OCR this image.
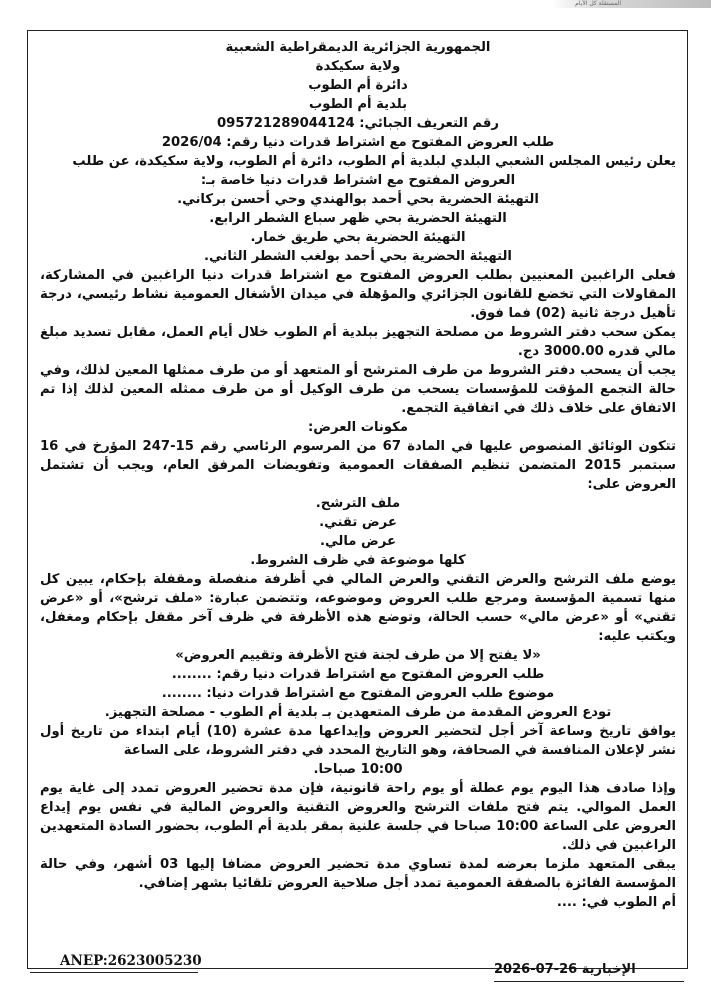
المستقلة كل الأيام
الجمهورية الجزائرية الديمقراطية الشعبية
ولاية سكيكدة
دائرة أم الطوب
بلدية أم الطوب
رقم التعريف الجبائي: 095721289044124
طلب العروض المفتوح مع اشتراط قدرات دنيا رقم: 2026/04
يعلن رئيس المجلس الشعبي البلدي لبلدية أم الطوب، دائرة أم الطوب، ولاية سكيكدة، عن طلب
العروض المفتوح مع اشتراط قدرات دنيا خاصة بـ:
التهيئة الحضرية بحي أحمد بوالهندي وحي أحسن بركاني.
التهيئة الحضرية بحي ظهر سباع الشطر الرابع.
التهيئة الحضرية بحي طريق خمار.
التهيئة الحضرية بحي أحمد بولغب الشطر الثاني.
فعلى الراغبين المعنيين بطلب العروض المفتوح مع اشتراط قدرات دنيا الراغبين في المشاركة، المقاولات التي تخضع للقانون الجزائري والمؤهلة في ميدان الأشغال العمومية نشاط رئيسي، درجة تأهيل درجة ثانية (02) فما فوق.
يمكن سحب دفتر الشروط من مصلحة التجهيز ببلدية أم الطوب خلال أيام العمل، مقابل تسديد مبلغ مالي قدره 3000.00 دج.
يجب أن يسحب دفتر الشروط من طرف المترشح أو المتعهد أو من طرف ممثلها المعين لذلك، وفي حالة التجمع المؤقت للمؤسسات يسحب من طرف الوكيل أو من طرف ممثله المعين لذلك إذا تم الاتفاق على خلاف ذلك في اتفاقية التجمع.
مكونات العرض:
تتكون الوثائق المنصوص عليها في المادة 67 من المرسوم الرئاسي رقم 15-247 المؤرخ في 16 سبتمبر 2015 المتضمن تنظيم الصفقات العمومية وتفويضات المرفق العام، ويجب أن تشتمل العروض على:
ملف الترشح.
عرض تقني.
عرض مالي.
كلها موضوعة في ظرف الشروط.
يوضع ملف الترشح والعرض التقني والعرض المالي في أظرفة منفصلة ومقفلة بإحكام، يبين كل منها تسمية المؤسسة ومرجع طلب العروض وموضوعه، وتتضمن عبارة: «ملف ترشح»، أو «عرض تقني» أو «عرض مالي» حسب الحالة، وتوضع هذه الأظرفة في ظرف آخر مقفل بإحكام ومغفل، ويكتب عليه:
«لا يفتح إلا من طرف لجنة فتح الأظرفة وتقييم العروض»
طلب العروض المفتوح مع اشتراط قدرات دنيا رقم: ........
موضوع طلب العروض المفتوح مع اشتراط قدرات دنيا: ........
تودع العروض المقدمة من طرف المتعهدين بـ بلدية أم الطوب - مصلحة التجهيز.
يوافق تاريخ وساعة آخر أجل لتحضير العروض وإيداعها مدة عشرة (10) أيام ابتداء من تاريخ أول نشر لإعلان المنافسة في الصحافة، وهو التاريخ المحدد في دفتر الشروط، على الساعة
10:00 صباحا.
وإذا صادف هذا اليوم يوم عطلة أو يوم راحة قانونية، فإن مدة تحضير العروض تمدد إلى غاية يوم العمل الموالي. يتم فتح ملفات الترشح والعروض التقنية والعروض المالية في نفس يوم إيداع العروض على الساعة 10:00 صباحا في جلسة علنية بمقر بلدية أم الطوب، بحضور السادة المتعهدين الراغبين في ذلك.
يبقى المتعهد ملزما بعرضه لمدة تساوي مدة تحضير العروض مضافا إليها 03 أشهر، وفي حالة المؤسسة الفائزة بالصفقة العمومية تمدد أجل صلاحية العروض تلقائيا بشهر إضافي.
أم الطوب في: ....
ANEP:2623005230
الإخبارية 26-07-2026
